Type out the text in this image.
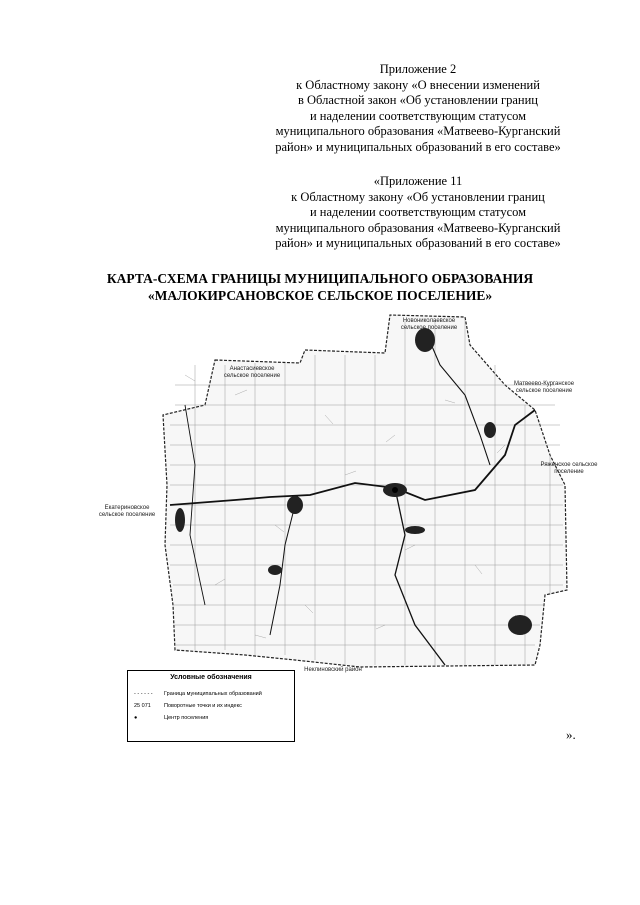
Приложение 2
к Областному закону «О внесении изменений
в Областной закон «Об установлении границ
и наделении соответствующим статусом
муниципального образования «Матвеево-Курганский
район» и муниципальных образований в его составе»
«Приложение 11
к Областному закону «Об установлении границ
и наделении соответствующим статусом
муниципального образования «Матвеево-Курганский
район» и муниципальных образований в его составе»
КАРТА-СХЕМА ГРАНИЦЫ МУНИЦИПАЛЬНОГО ОБРАЗОВАНИЯ
«МАЛОКИРСАНОВСКОЕ СЕЛЬСКОЕ ПОСЕЛЕНИЕ»
Новониколаевское сельское поселение
Анастасиевское сельское поселение
Матвеево-Курганское сельское поселение
Ряженское сельское поселение
Екатериновское сельское поселение
Неклиновский район
Условные обозначения
- - - - - -	Граница муниципальных образований
25 071	Поворотные точки и их индекс
●	Центр поселения
».
